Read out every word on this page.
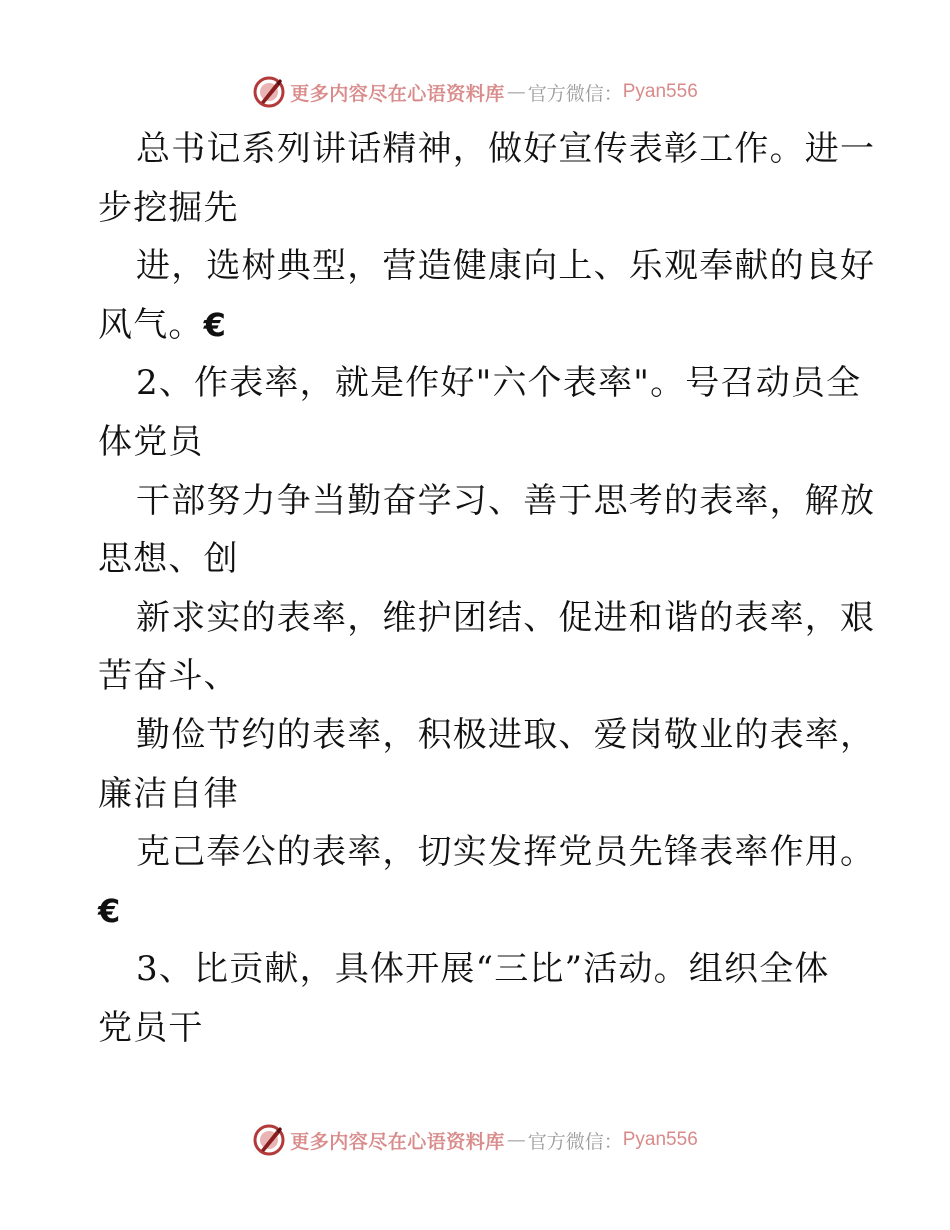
更多内容尽在心语资料库 — 官方微信： Pyan556
总书记系列讲话精神，做好宣传表彰工作。进一
步挖掘先
进，选树典型，营造健康向上、乐观奉献的良好
风气。€
2、作表率，就是作好"六个表率"。号召动员全
体党员
干部努力争当勤奋学习、善于思考的表率，解放
思想、创
新求实的表率，维护团结、促进和谐的表率，艰
苦奋斗、
勤俭节约的表率，积极进取、爱岗敬业的表率，
廉洁自律
克己奉公的表率，切实发挥党员先锋表率作用。
€
3、比贡献，具体开展“三比”活动。组织全体
党员干
更多内容尽在心语资料库 — 官方微信： Pyan556
